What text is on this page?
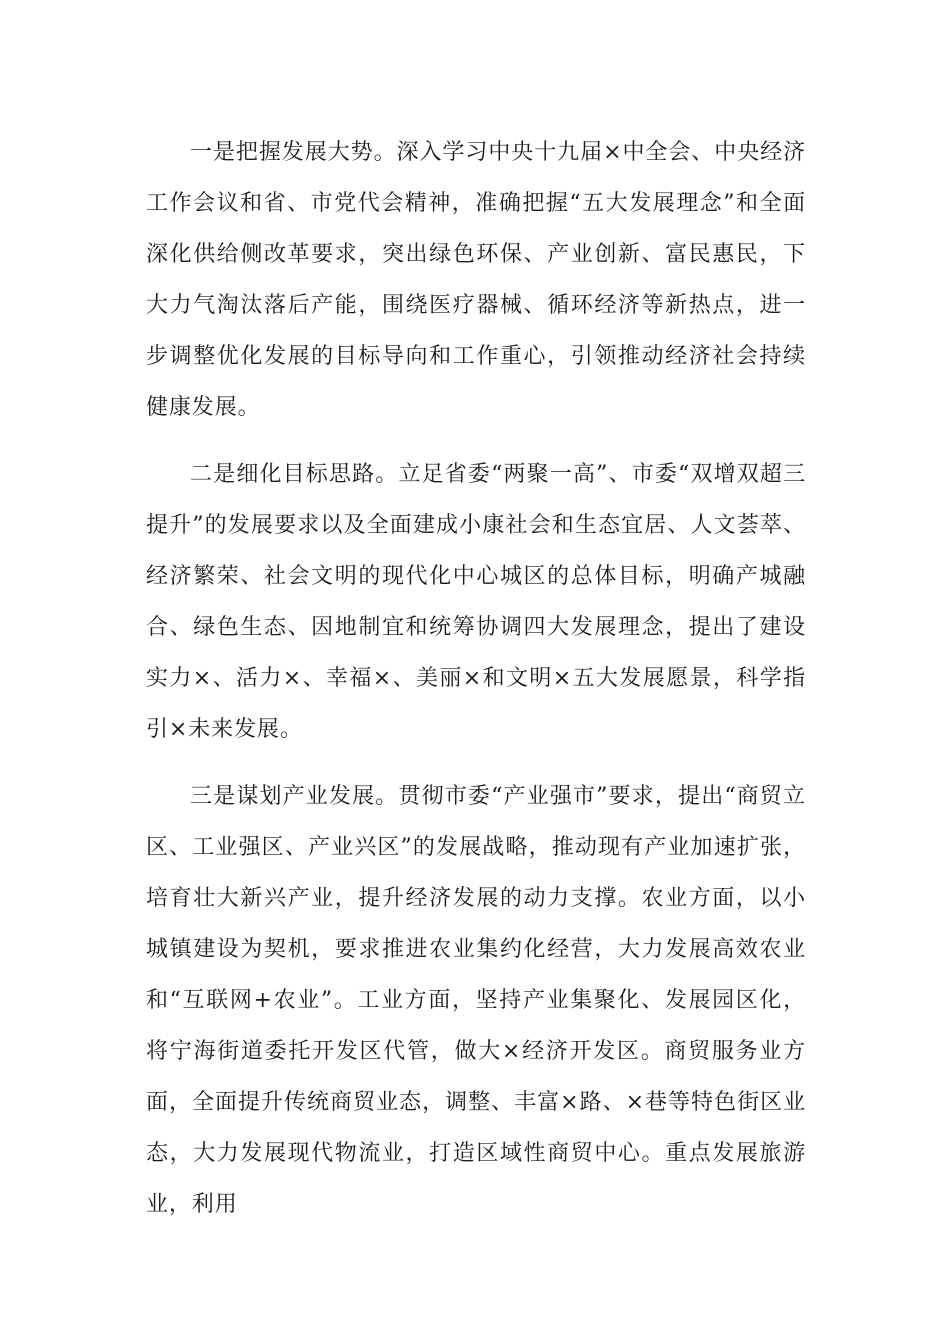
一是把握发展大势。深入学习中央十九届×中全会、中央经济工作会议和省、市党代会精神，准确把握“五大发展理念”和全面深化供给侧改革要求，突出绿色环保、产业创新、富民惠民，下大力气淘汰落后产能，围绕医疗器械、循环经济等新热点，进一步调整优化发展的目标导向和工作重心，引领推动经济社会持续健康发展。

二是细化目标思路。立足省委“两聚一高”、市委“双增双超三提升”的发展要求以及全面建成小康社会和生态宜居、人文荟萃、经济繁荣、社会文明的现代化中心城区的总体目标，明确产城融合、绿色生态、因地制宜和统筹协调四大发展理念，提出了建设实力×、活力×、幸福×、美丽×和文明×五大发展愿景，科学指引×未来发展。

三是谋划产业发展。贯彻市委“产业强市”要求，提出“商贸立区、工业强区、产业兴区”的发展战略，推动现有产业加速扩张，培育壮大新兴产业，提升经济发展的动力支撑。农业方面，以小城镇建设为契机，要求推进农业集约化经营，大力发展高效农业和“互联网+农业”。工业方面，坚持产业集聚化、发展园区化，将宁海街道委托开发区代管，做大×经济开发区。商贸服务业方面，全面提升传统商贸业态，调整、丰富×路、×巷等特色街区业态，大力发展现代物流业，打造区域性商贸中心。重点发展旅游业，利用
